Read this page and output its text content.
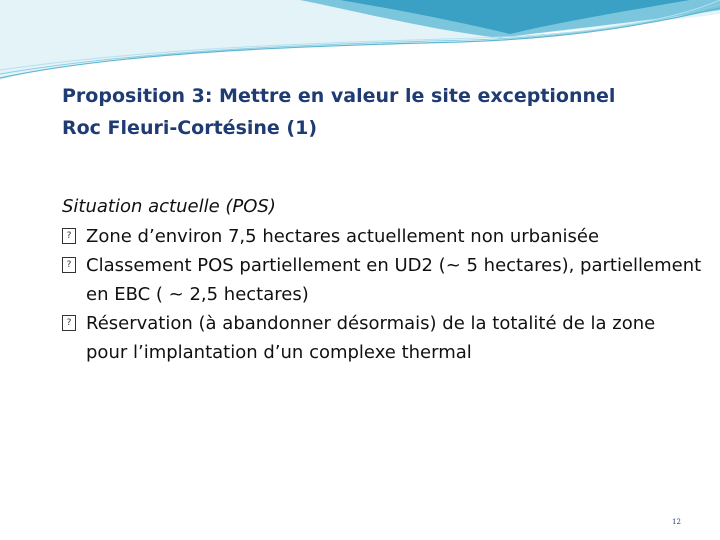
Proposition 3: Mettre en valeur le site exceptionnel
Roc Fleuri-Cortésine (1)
Situation actuelle (POS)
? Zone d’environ 7,5 hectares actuellement non urbanisée
? Classement POS partiellement en UD2 (~ 5 hectares), partiellement en EBC ( ~ 2,5 hectares)
? Réservation (à abandonner désormais) de la totalité de la zone pour l’implantation d’un complexe thermal
12
